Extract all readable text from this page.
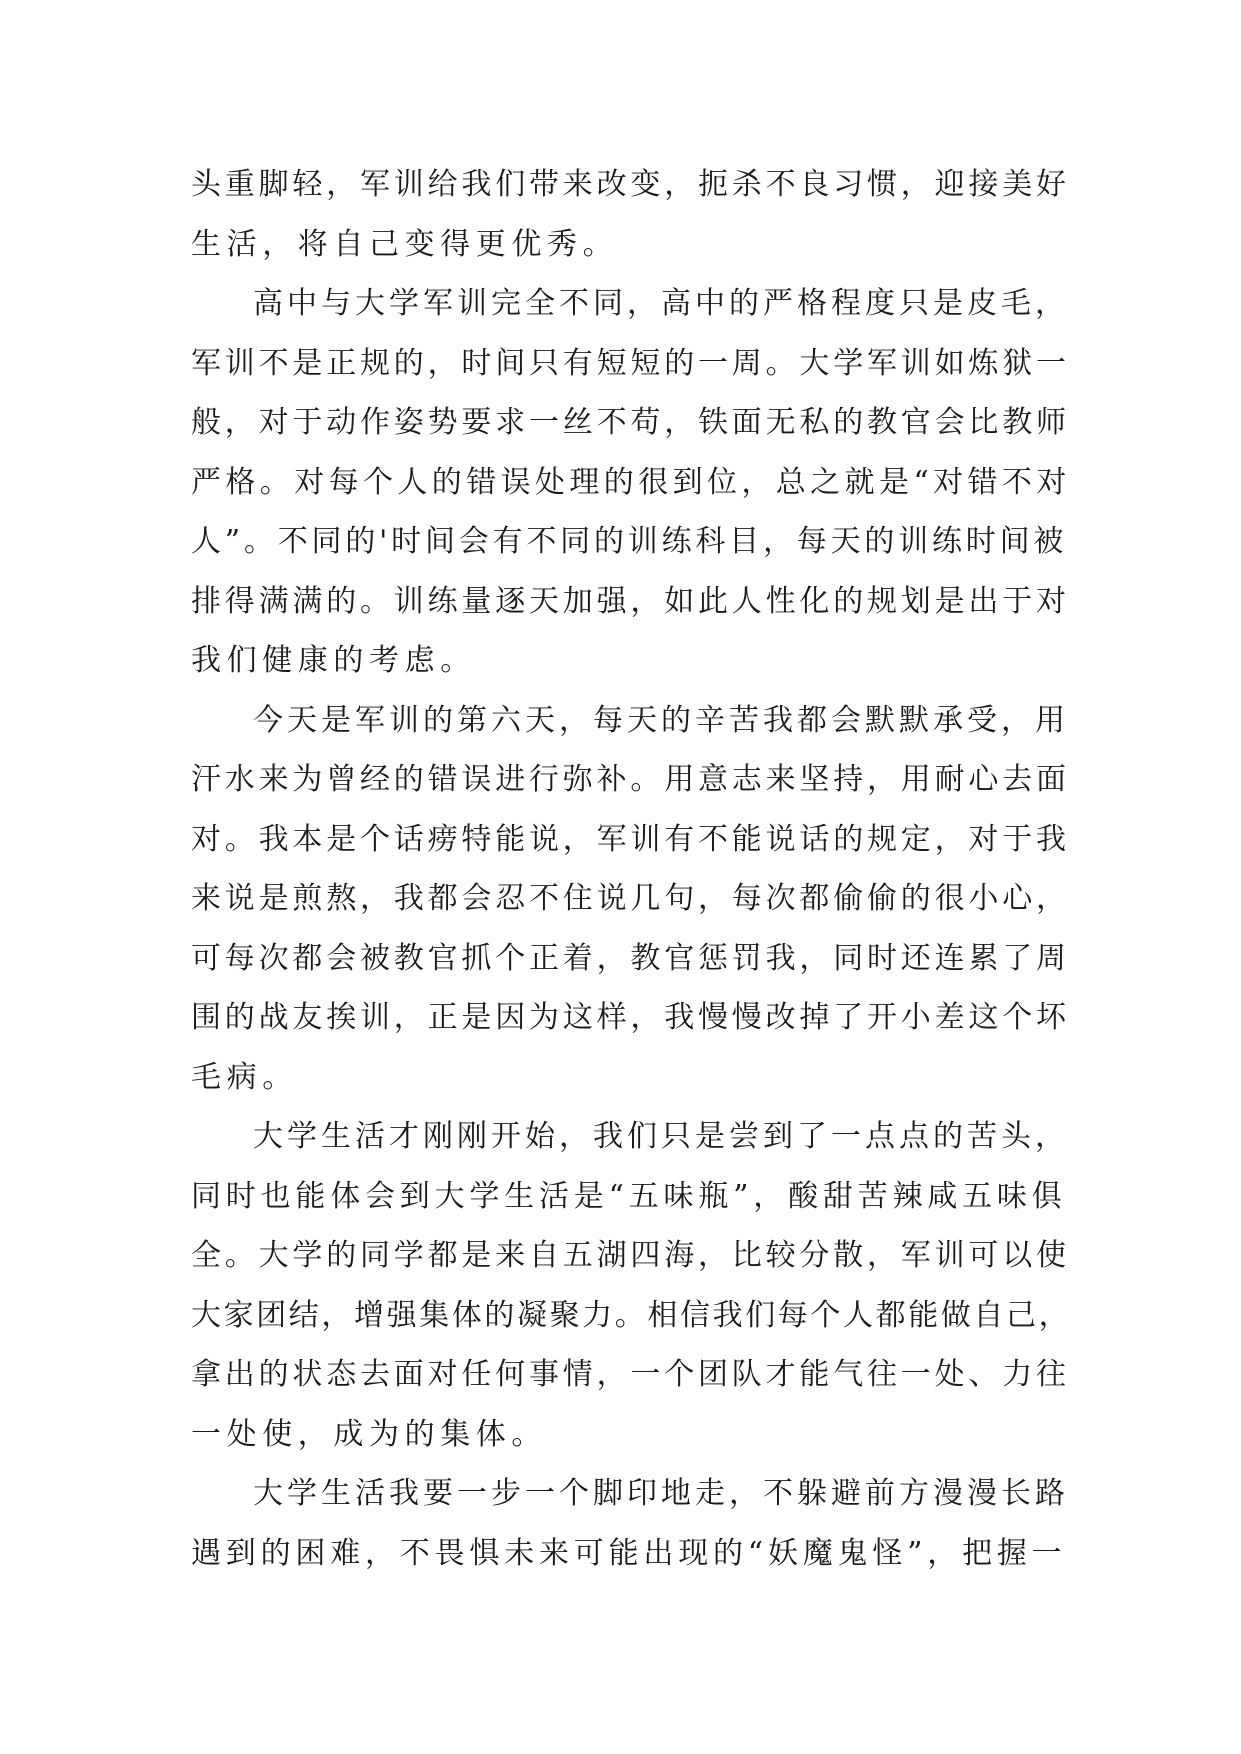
头重脚轻，军训给我们带来改变，扼杀不良习惯，迎接美好
生活，将自己变得更优秀。
高中与大学军训完全不同，高中的严格程度只是皮毛，
军训不是正规的，时间只有短短的一周。大学军训如炼狱一
般，对于动作姿势要求一丝不苟，铁面无私的教官会比教师
严格。对每个人的错误处理的很到位，总之就是“对错不对
人”。不同的'时间会有不同的训练科目，每天的训练时间被
排得满满的。训练量逐天加强，如此人性化的规划是出于对
我们健康的考虑。
今天是军训的第六天，每天的辛苦我都会默默承受，用
汗水来为曾经的错误进行弥补。用意志来坚持，用耐心去面
对。我本是个话痨特能说，军训有不能说话的规定，对于我
来说是煎熬，我都会忍不住说几句，每次都偷偷的很小心，
可每次都会被教官抓个正着，教官惩罚我，同时还连累了周
围的战友挨训，正是因为这样，我慢慢改掉了开小差这个坏
毛病。
大学生活才刚刚开始，我们只是尝到了一点点的苦头，
同时也能体会到大学生活是“五味瓶”，酸甜苦辣咸五味俱
全。大学的同学都是来自五湖四海，比较分散，军训可以使
大家团结，增强集体的凝聚力。相信我们每个人都能做自己，
拿出的状态去面对任何事情，一个团队才能气往一处、力往
一处使，成为的集体。
大学生活我要一步一个脚印地走，不躲避前方漫漫长路
遇到的困难，不畏惧未来可能出现的“妖魔鬼怪”，把握一
